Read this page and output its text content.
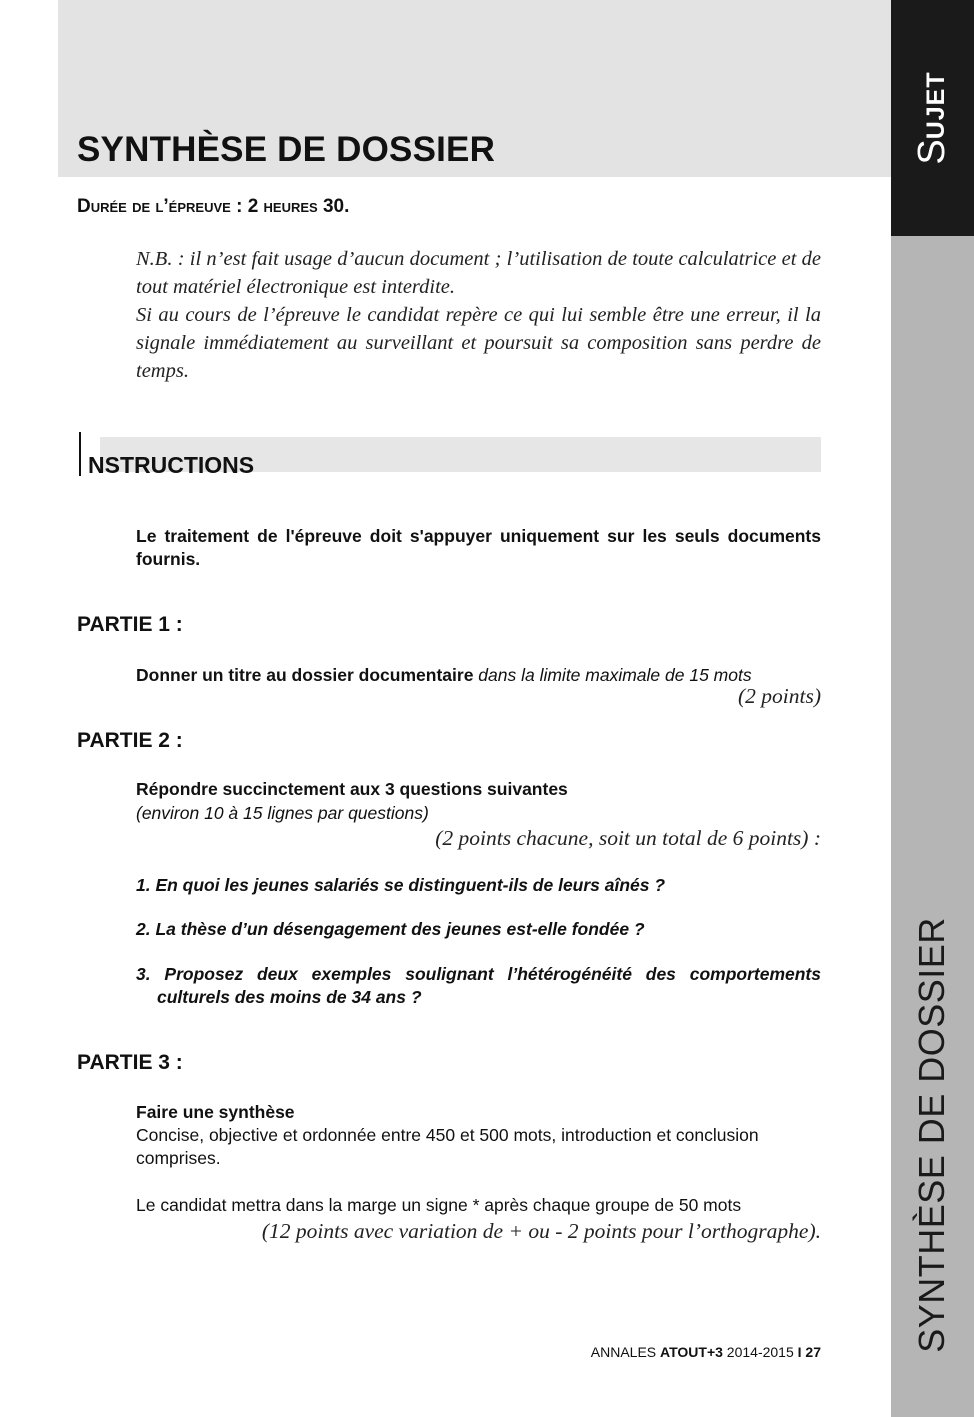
SYNTHÈSE DE DOSSIER	SUJET
SYNTHÈSE DE DOSSIER

Durée de l’épreuve : 2 heures 30.

N.B. : il n’est fait usage d’aucun document ; l’utilisation de toute calculatrice et de tout matériel électronique est interdite.

Si au cours de l’épreuve le candidat repère ce qui lui semble être une erreur, il la signale immédiatement au surveillant et poursuit sa composition sans perdre de temps.

NSTRUCTIONS

Le traitement de l'épreuve doit s'appuyer uniquement sur les seuls documents fournis.

PARTIE 1 :

Donner un titre au dossier documentaire dans la limite maximale de 15 mots

(2 points)

PARTIE 2 :

Répondre succinctement aux 3 questions suivantes

(environ 10 à 15 lignes par questions)

(2 points chacune, soit un total de 6 points) :

1. En quoi les jeunes salariés se distinguent-ils de leurs aînés ?

2. La thèse d’un désengagement des jeunes est-elle fondée ?

3. Proposez deux exemples soulignant l’hétérogénéité des comportements culturels des moins de 34 ans ?

PARTIE 3 :

Faire une synthèse

Concise, objective et ordonnée entre 450 et 500 mots, introduction et conclusion comprises.

Le candidat mettra dans la marge un signe * après chaque groupe de 50 mots

(12 points avec variation de + ou - 2 points pour l’orthographe).

ANNALES ATOUT+3 2014-2015 I 27
